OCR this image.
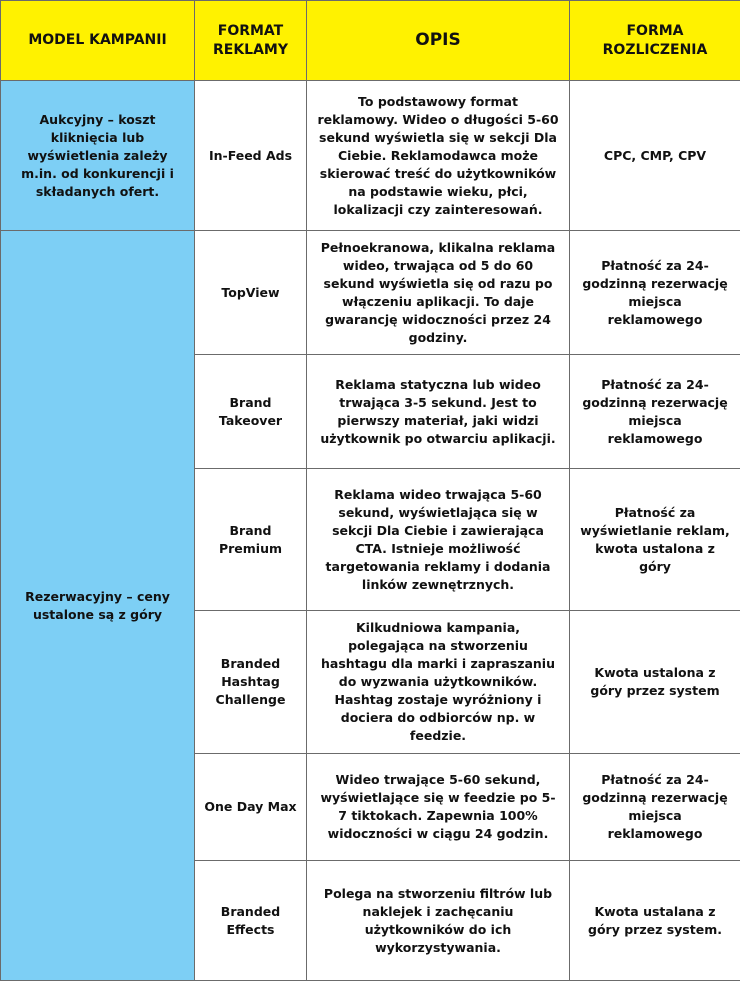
MODEL KAMPANII	FORMAT REKLAMY	OPIS	FORMA ROZLICZENIA
Aukcyjny – koszt kliknięcia lub wyświetlenia zależy m.in. od konkurencji i składanych ofert.	In-Feed Ads	To podstawowy format reklamowy. Wideo o długości 5-60 sekund wyświetla się w sekcji Dla Ciebie. Reklamodawca może skierować treść do użytkowników na podstawie wieku, płci, lokalizacji czy zainteresowań.	CPC, CMP, CPV
Rezerwacyjny – ceny ustalone są z góry	TopView	Pełnoekranowa, klikalna reklama wideo, trwająca od 5 do 60 sekund wyświetla się od razu po włączeniu aplikacji. To daje gwarancję widoczności przez 24 godziny.	Płatność za 24-godzinną rezerwację miejsca reklamowego
	Brand Takeover	Reklama statyczna lub wideo trwająca 3-5 sekund. Jest to pierwszy materiał, jaki widzi użytkownik po otwarciu aplikacji.	Płatność za 24-godzinną rezerwację miejsca reklamowego
	Brand Premium	Reklama wideo trwająca 5-60 sekund, wyświetlająca się w sekcji Dla Ciebie i zawierająca CTA. Istnieje możliwość targetowania reklamy i dodania linków zewnętrznych.	Płatność za wyświetlanie reklam, kwota ustalona z góry
	Branded Hashtag Challenge	Kilkudniowa kampania, polegająca na stworzeniu hashtagu dla marki i zapraszaniu do wyzwania użytkowników. Hashtag zostaje wyróżniony i dociera do odbiorców np. w feedzie.	Kwota ustalona z góry przez system
	One Day Max	Wideo trwające 5-60 sekund, wyświetlające się w feedzie po 5-7 tiktokach. Zapewnia 100% widoczności w ciągu 24 godzin.	Płatność za 24-godzinną rezerwację miejsca reklamowego
	Branded Effects	Polega na stworzeniu filtrów lub naklejek i zachęcaniu użytkowników do ich wykorzystywania.	Kwota ustalana z góry przez system.
